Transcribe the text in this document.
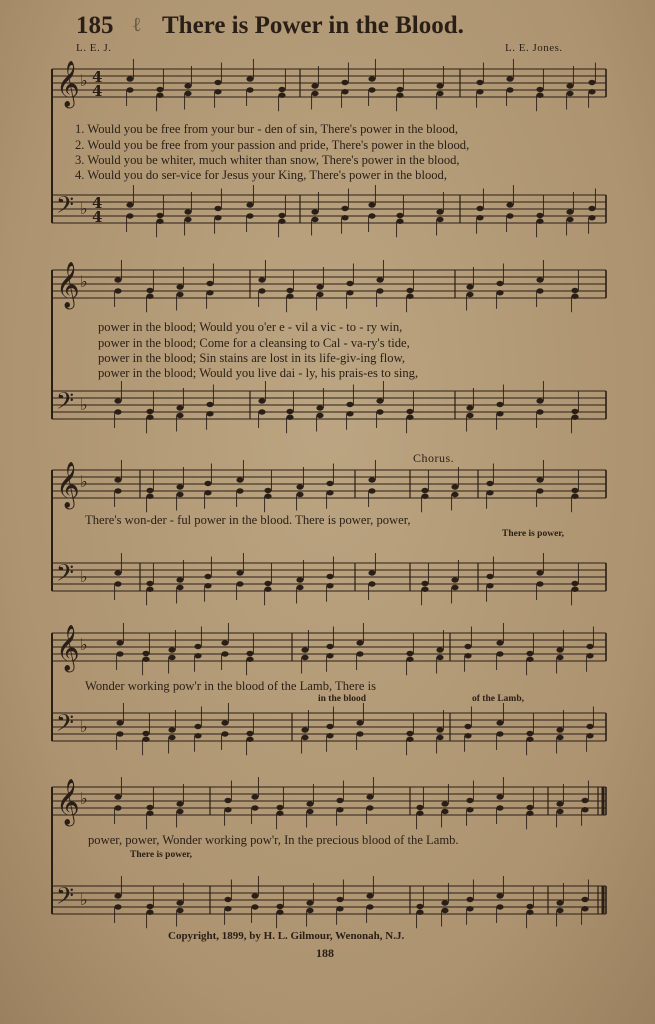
𝄞
𝄢
♭
♭
4
4
4
4
𝄞
𝄢
♭
♭
𝄞
𝄢
♭
♭
𝄞
𝄢
♭
♭
𝄞
𝄢
♭
♭
185 ℓ There is Power in the Blood.
L. E. J.	L. E. Jones.
1. Would you be free from your bur - den of sin, There's power in the blood,
2. Would you be free from your passion and pride, There's power in the blood,
3. Would you be whiter, much whiter than snow, There's power in the blood,
4. Would you do ser-vice for Jesus your King, There's power in the blood,
power in the blood; Would you o'er e - vil a vic - to - ry win,
power in the blood; Come for a cleansing to Cal - va-ry's tide,
power in the blood; Sin stains are lost in its life-giv-ing flow,
power in the blood; Would you live dai - ly, his prais-es to sing,
Chorus.
There's won-der - ful power in the blood. There is power, power,
There is power,
Wonder working pow'r in the blood of the Lamb, There is
in the blood	of the Lamb,
power, power, Wonder working pow'r, In the precious blood of the Lamb.
There is power,
Copyright, 1899, by H. L. Gilmour, Wenonah, N.J.
188
